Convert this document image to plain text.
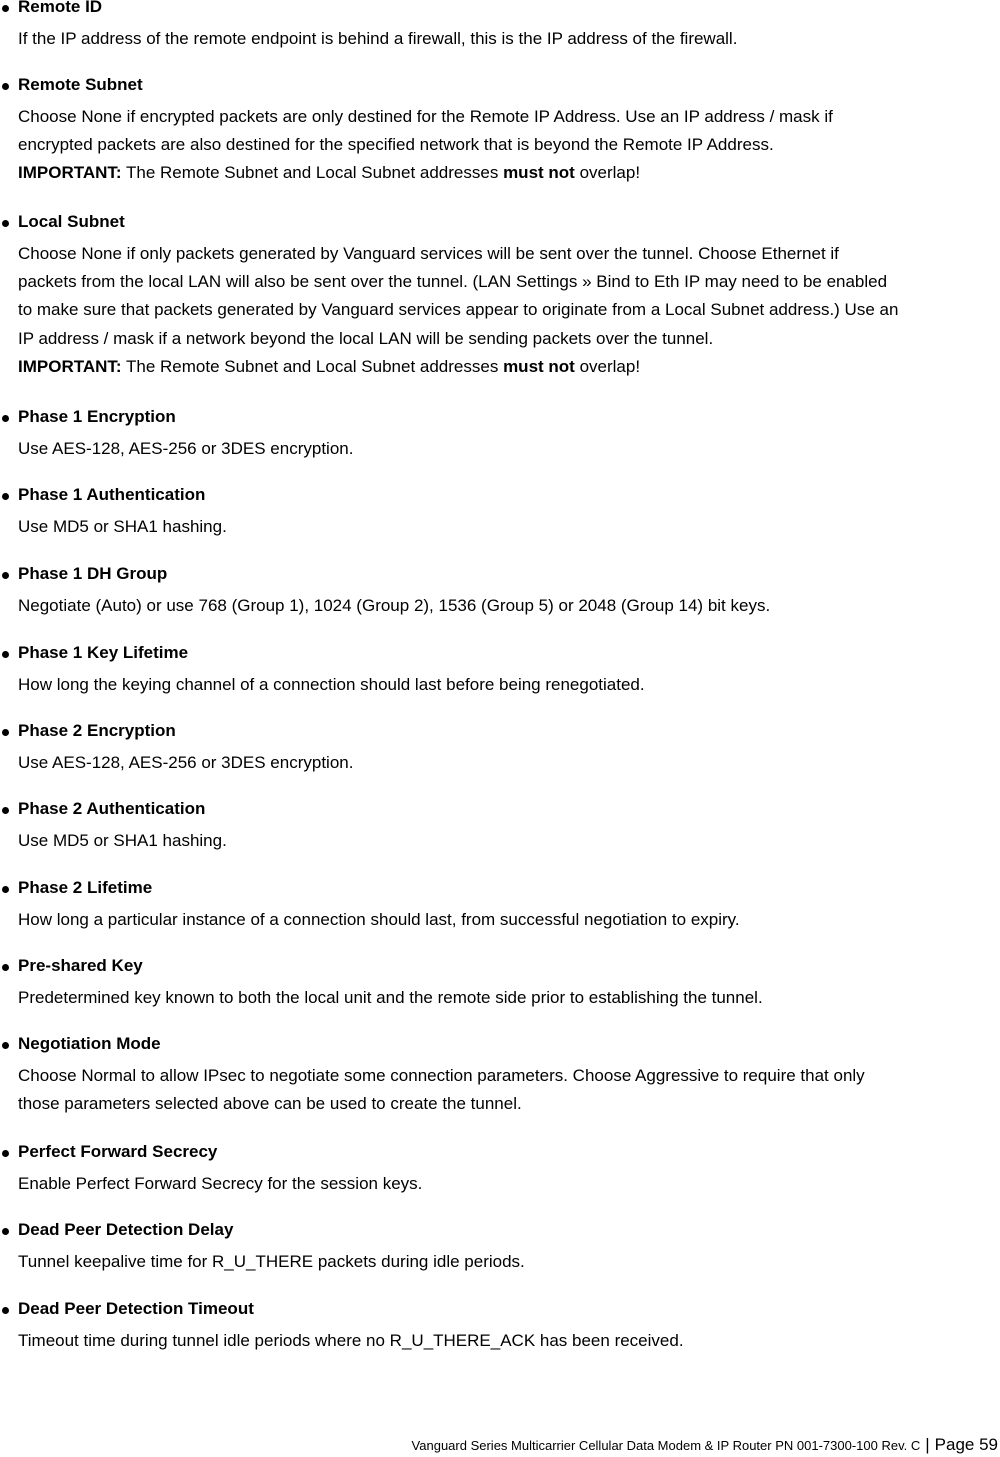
Remote ID
If the IP address of the remote endpoint is behind a firewall, this is the IP address of the firewall.
Remote Subnet
Choose None if encrypted packets are only destined for the Remote IP Address. Use an IP address / mask if
encrypted packets are also destined for the specified network that is beyond the Remote IP Address.
IMPORTANT: The Remote Subnet and Local Subnet addresses must not overlap!
Local Subnet
Choose None if only packets generated by Vanguard services will be sent over the tunnel. Choose Ethernet if
packets from the local LAN will also be sent over the tunnel. (LAN Settings » Bind to Eth IP may need to be enabled
to make sure that packets generated by Vanguard services appear to originate from a Local Subnet address.) Use an
IP address / mask if a network beyond the local LAN will be sending packets over the tunnel.
IMPORTANT: The Remote Subnet and Local Subnet addresses must not overlap!
Phase 1 Encryption
Use AES-128, AES-256 or 3DES encryption.
Phase 1 Authentication
Use MD5 or SHA1 hashing.
Phase 1 DH Group
Negotiate (Auto) or use 768 (Group 1), 1024 (Group 2), 1536 (Group 5) or 2048 (Group 14) bit keys.
Phase 1 Key Lifetime
How long the keying channel of a connection should last before being renegotiated.
Phase 2 Encryption
Use AES-128, AES-256 or 3DES encryption.
Phase 2 Authentication
Use MD5 or SHA1 hashing.
Phase 2 Lifetime
How long a particular instance of a connection should last, from successful negotiation to expiry.
Pre-shared Key
Predetermined key known to both the local unit and the remote side prior to establishing the tunnel.
Negotiation Mode
Choose Normal to allow IPsec to negotiate some connection parameters. Choose Aggressive to require that only
those parameters selected above can be used to create the tunnel.
Perfect Forward Secrecy
Enable Perfect Forward Secrecy for the session keys.
Dead Peer Detection Delay
Tunnel keepalive time for R_U_THERE packets during idle periods.
Dead Peer Detection Timeout
Timeout time during tunnel idle periods where no R_U_THERE_ACK has been received.
Vanguard Series Multicarrier Cellular Data Modem & IP Router PN 001-7300-100 Rev. C | Page 59
